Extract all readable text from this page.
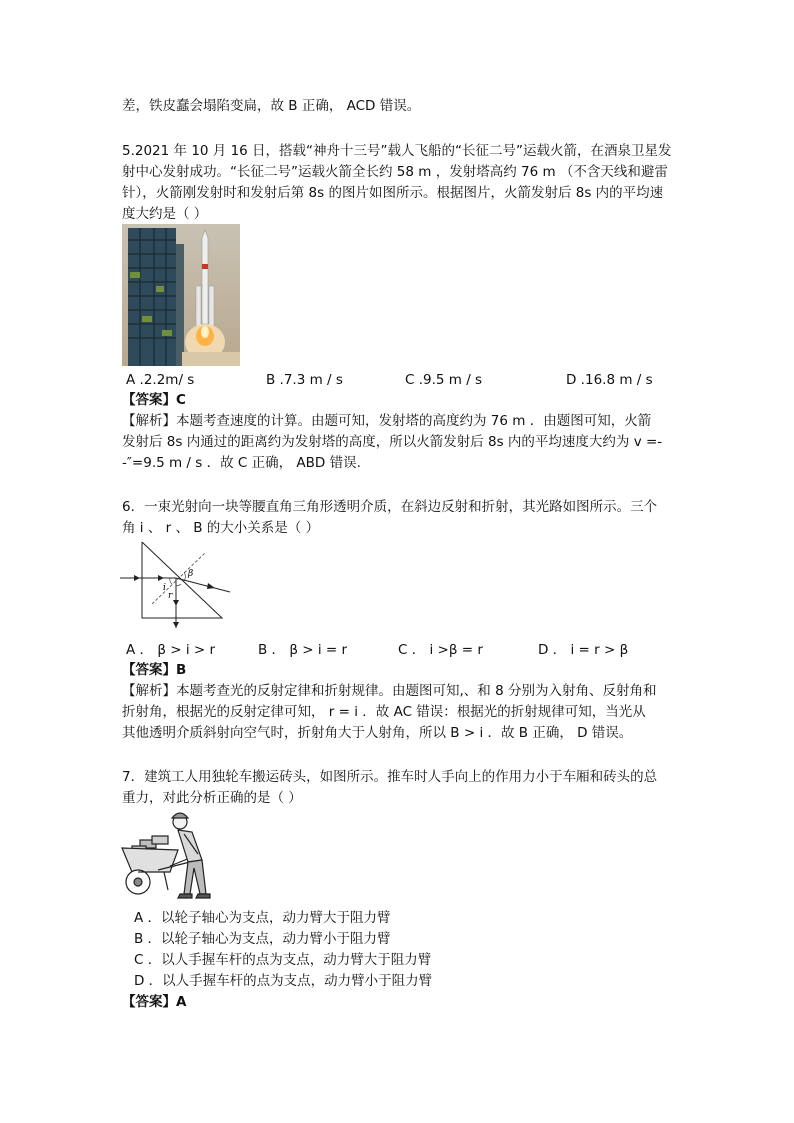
差，铁皮蠢会塌陷变扁，故 B 正确， ACD 错误。
5.2021 年 10 月 16 日，搭载“神舟十三号”载人飞船的“长征二号”运载火箭，在酒泉卫星发
射中心发射成功。“长征二号”运载火箭全长约 58 m ，发射塔高约 76 m （不含天线和避雷
针），火箭刚发射时和发射后第 8s 的图片如图所示。根据图片，火箭发射后 8s 内的平均速
度大约是（ ）
A .2.2m/ s	B .7.3 m / s	C .9.5 m / s	D .16.8 m / s
【答案】C
【解析】本题考查速度的计算。由题可知，发射塔的高度约为 76 m ．由题图可知，火箭
发射后 8s 内通过的距离约为发射塔的高度，所以火箭发射后 8s 内的平均速度大约为 v =-
-″=9.5 m / s ．故 C 正确， ABD 错误.
6．一束光射向一块等腰直角三角形透明介质，在斜边反射和折射，其光路如图所示。三个
角 i 、 r 、 B 的大小关系是（ ）
β
i
r
A ． β > i > r	B ． β > i = r	C ． i >β = r	D ． i = r > β
【答案】B
【解析】本题考查光的反射定律和折射规律。由题图可知,、和 8 分别为入射角、反射角和
折射角，根据光的反射定律可知， r = i ．故 AC 错误：根据光的折射规律可知，当光从
其他透明介质斜射向空气时，折射角大于人射角，所以 B > i ．故 B 正确， D 错误。
7．建筑工人用独轮车搬运砖头，如图所示。推车时人手向上的作用力小于车厢和砖头的总
重力，对此分析正确的是（ ）
A ．以轮子轴心为支点，动力臂大于阻力臂
B ．以轮子轴心为支点，动力臂小于阻力臂
C ．以人手握车杆的点为支点，动力臂大于阻力臂
D ．以人手握车杆的点为支点，动力臂小于阻力臂
【答案】A
